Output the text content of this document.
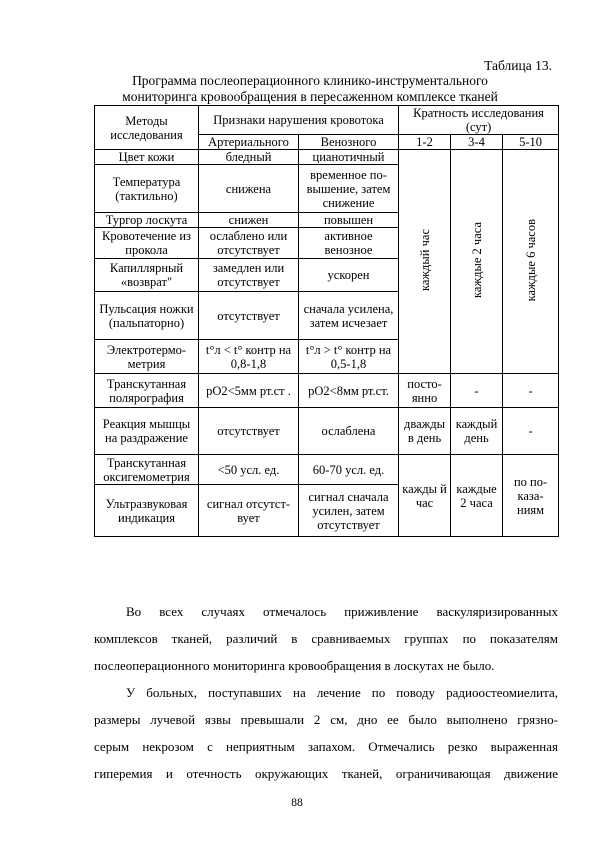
Таблица 13.
Программа послеоперационного клинико-инструментального
мониторинга кровообращения в пересаженном комплексе тканей
Методы исследования	Признаки нарушения кровотока		Кратность исследования (сут)		
	Артериального	Венозного	1-2	3-4	5-10
Цвет кожи	бледный	цианотичный	каждый час	каждые 2 часа	каждые 6 часов
Температура (тактильно)	снижена	временное по-вышение, затем снижение			
Тургор лоскута	снижен	повышен			
Кровотечение из прокола	ослаблено или отсутствует	активное венозное			
Капиллярный «возврат"	замедлен или отсутствует	ускорен			
Пульсация ножки (пальпаторно)	отсутствует	сначала усилена, затем исчезает			
Электротермо-метрия	t°л < t° контр на 0,8-1,8	t°л > t° контр на 0,5-1,8			
Транскутанная полярография	pO2<5мм рт.ст .	pO2<8мм рт.ст.	посто-янно	-	-
Реакция мышцы на раздражение	отсутствует	ослаблена	дважды в день	каждый день	-
Транскутанная оксигемометрия	<50 усл. ед.	60-70 усл. ед.	кажды й час	каждые 2 часа	по по-каза-ниям
Ультразвуковая индикация	сигнал отсутст-вует	сигнал сначала усилен, затем отсутствует			
Во всех случаях отмечалось приживление васкуляризированных
комплексов тканей, различий в сравниваемых группах по показателям
послеоперационного мониторинга кровообращения в лоскутах не было.
У больных, поступавших на лечение по поводу радиоостеомиелита,
размеры лучевой язвы превышали 2 см, дно ее было выполнено грязно-
серым некрозом с неприятным запахом. Отмечались резко выраженная
гиперемия и отечность окружающих тканей, ограничивающая движение
88
